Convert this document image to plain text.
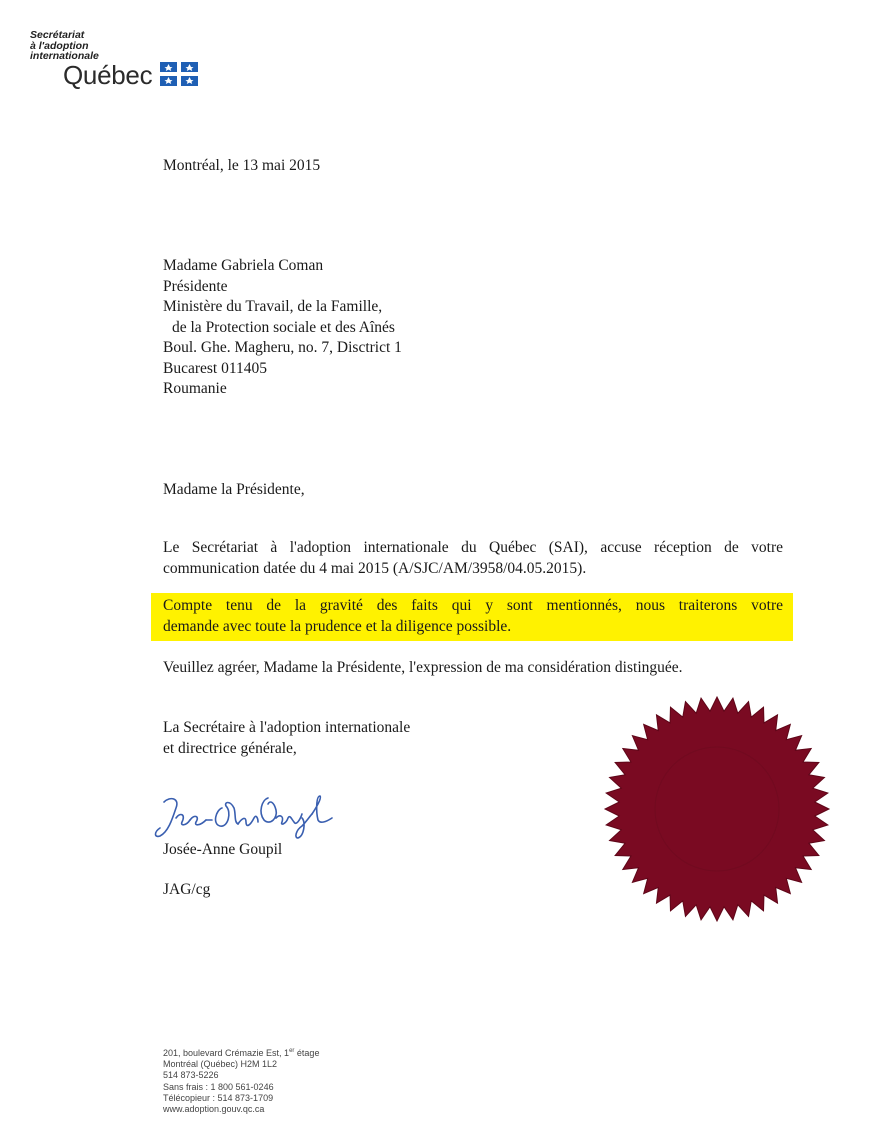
Secrétariat
à l'adoption
internationale
Québec
Montréal, le 13 mai 2015
Madame Gabriela Coman
Présidente
Ministère du Travail, de la Famille,
de la Protection sociale et des Aînés
Boul. Ghe. Magheru, no. 7, Disctrict 1
Bucarest 011405
Roumanie
Madame la Présidente,
Le Secrétariat à l'adoption internationale du Québec (SAI), accuse réception de votre
communication datée du 4 mai 2015 (A/SJC/AM/3958/04.05.2015).
Compte tenu de la gravité des faits qui y sont mentionnés, nous traiterons votre
demande avec toute la prudence et la diligence possible.
Veuillez agréer, Madame la Présidente, l'expression de ma considération distinguée.
La Secrétaire à l'adoption internationale
et directrice générale,
Josée-Anne Goupil
JAG/cg
201, boulevard Crémazie Est, 1er étage
Montréal (Québec) H2M 1L2
514 873-5226
Sans frais : 1 800 561-0246
Télécopieur : 514 873-1709
www.adoption.gouv.qc.ca
